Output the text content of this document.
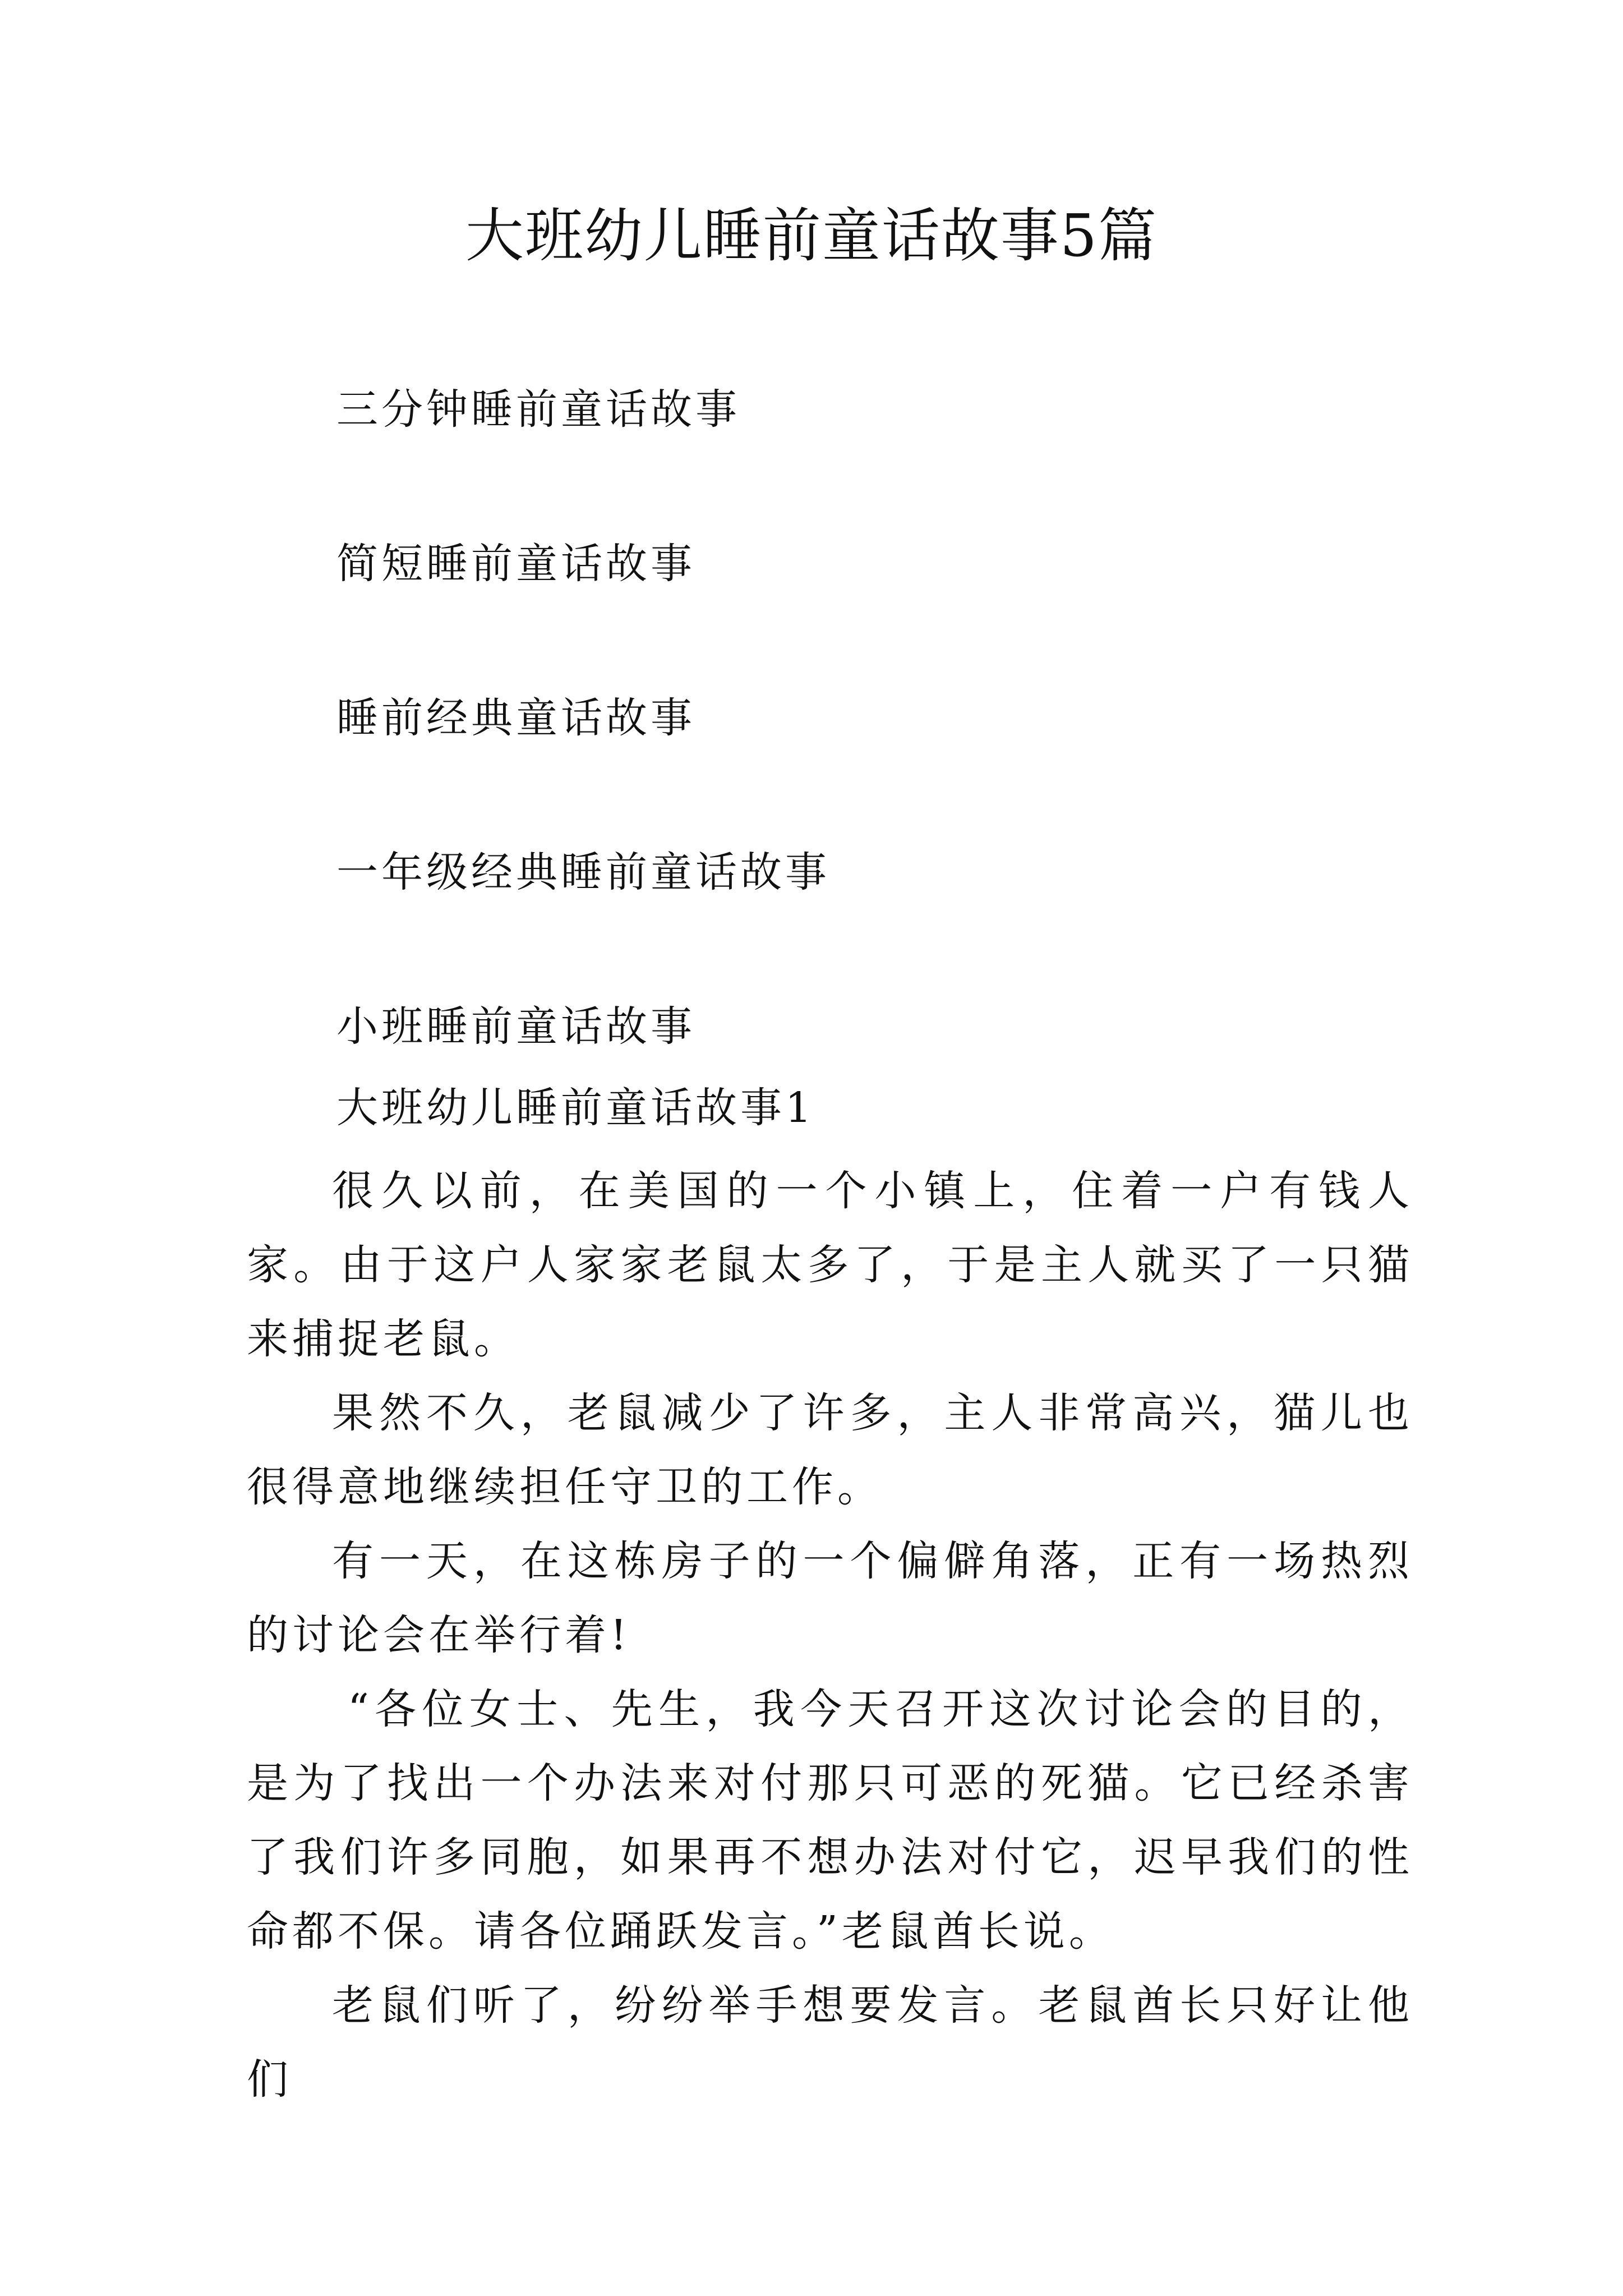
大班幼儿睡前童话故事5篇
三分钟睡前童话故事
简短睡前童话故事
睡前经典童话故事
一年级经典睡前童话故事
小班睡前童话故事
大班幼儿睡前童话故事1

很久以前，在美国的一个小镇上，住着一户有钱人家。由于这户人家家老鼠太多了，于是主人就买了一只猫来捕捉老鼠。

果然不久，老鼠减少了许多，主人非常高兴，猫儿也很得意地继续担任守卫的工作。

有一天，在这栋房子的一个偏僻角落，正有一场热烈的讨论会在举行着!

“各位女士、先生，我今天召开这次讨论会的目的，是为了找出一个办法来对付那只可恶的死猫。它已经杀害了我们许多同胞，如果再不想办法对付它，迟早我们的性命都不保。请各位踊跃发言。”老鼠酋长说。

老鼠们听了，纷纷举手想要发言。老鼠酋长只好让他们
